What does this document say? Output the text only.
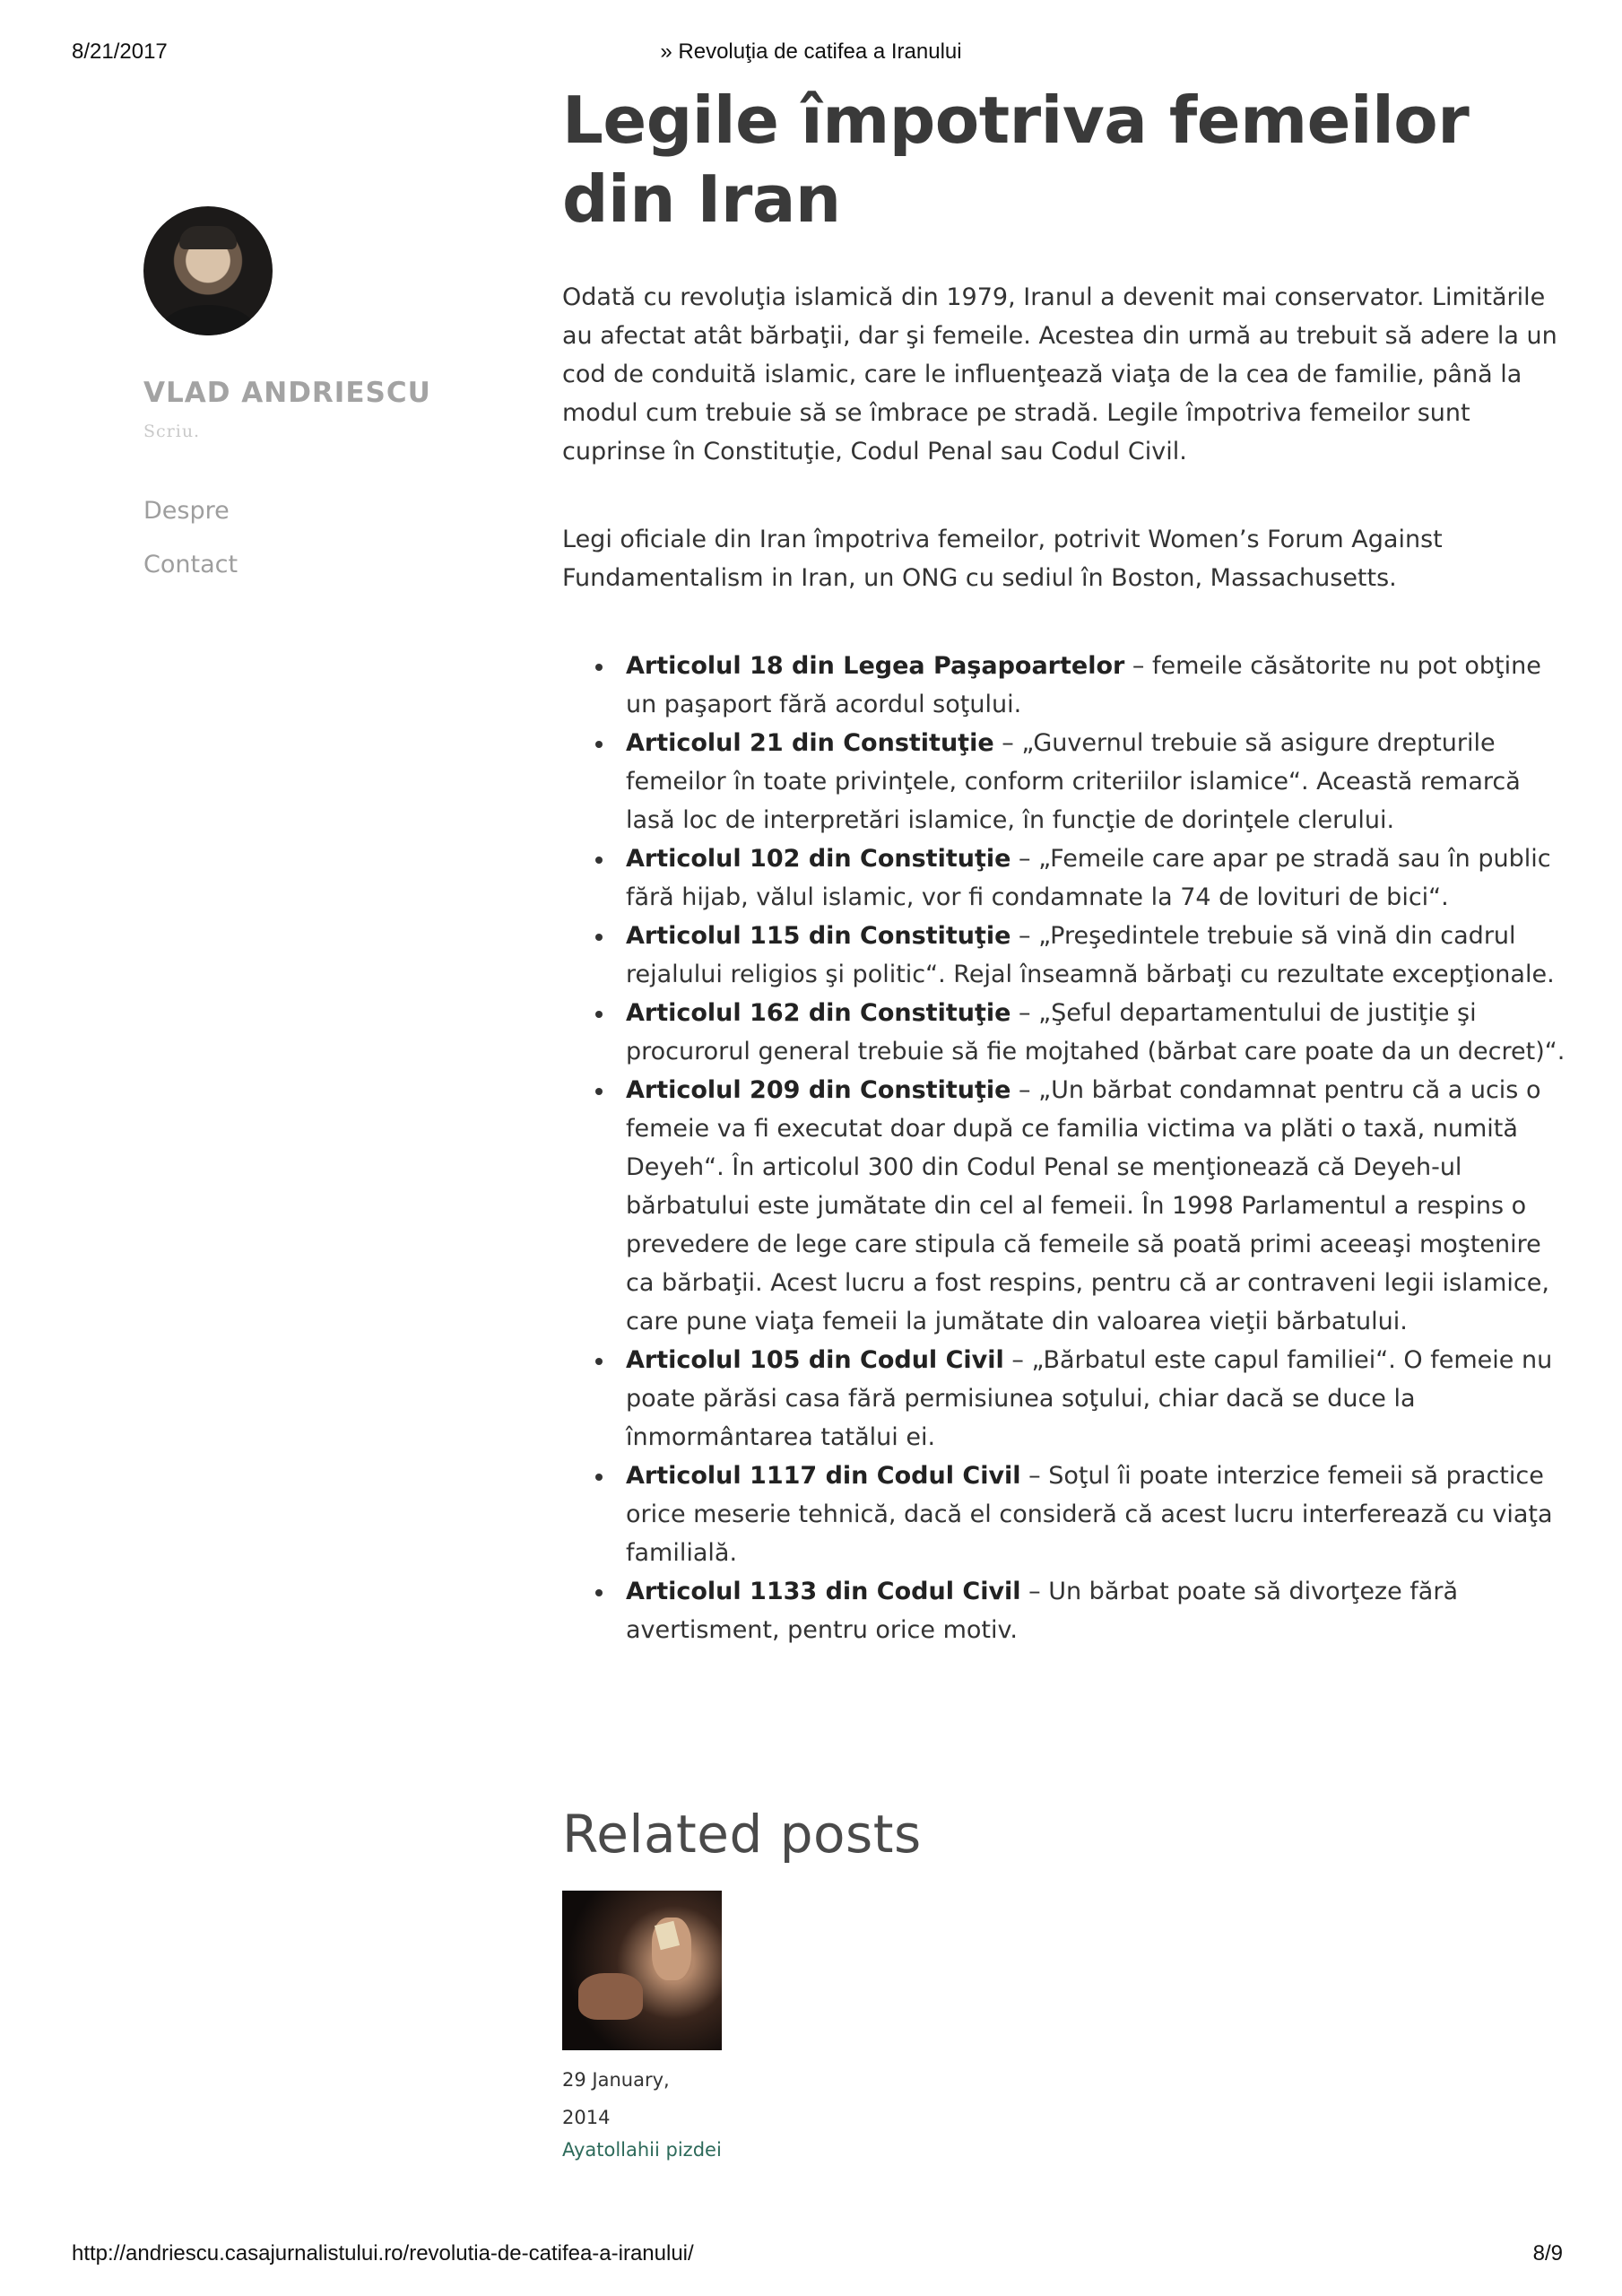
8/21/2017	» Revoluţia de catifea a Iranului
VLAD ANDRIESCU
Scriu.
Despre
Contact
Legile împotriva femeilor din Iran

Odată cu revoluţia islamică din 1979, Iranul a devenit mai conservator. Limitările au afectat atât bărbaţii, dar şi femeile. Acestea din urmă au trebuit să adere la un cod de conduită islamic, care le influenţează viaţa de la cea de familie, până la modul cum trebuie să se îmbrace pe stradă. Legile împotriva femeilor sunt cuprinse în Constituţie, Codul Penal sau Codul Civil.

Legi oficiale din Iran împotriva femeilor, potrivit Women’s Forum Against Fundamentalism in Iran, un ONG cu sediul în Boston, Massachusetts.

Articolul 18 din Legea Paşapoartelor – femeile căsătorite nu pot obţine un paşaport fără acordul soţului.
Articolul 21 din Constituţie – „Guvernul trebuie să asigure drepturile femeilor în toate privinţele, conform criteriilor islamice“. Această remarcă lasă loc de interpretări islamice, în funcţie de dorinţele clerului.
Articolul 102 din Constituţie – „Femeile care apar pe stradă sau în public fără hijab, vălul islamic, vor fi condamnate la 74 de lovituri de bici“.
Articolul 115 din Constituţie – „Preşedintele trebuie să vină din cadrul rejalului religios şi politic“. Rejal înseamnă bărbaţi cu rezultate excepţionale.
Articolul 162 din Constituţie – „Şeful departamentului de justiţie şi procurorul general trebuie să fie mojtahed (bărbat care poate da un decret)“.
Articolul 209 din Constituţie – „Un bărbat condamnat pentru că a ucis o femeie va fi executat doar după ce familia victima va plăti o taxă, numită Deyeh“. În articolul 300 din Codul Penal se menţionează că Deyeh-ul bărbatului este jumătate din cel al femeii. În 1998 Parlamentul a respins o prevedere de lege care stipula că femeile să poată primi aceeaşi moştenire ca bărbaţii. Acest lucru a fost respins, pentru că ar contraveni legii islamice, care pune viaţa femeii la jumătate din valoarea vieţii bărbatului.
Articolul 105 din Codul Civil – „Bărbatul este capul familiei“. O femeie nu poate părăsi casa fără permisiunea soţului, chiar dacă se duce la înmormântarea tatălui ei.
Articolul 1117 din Codul Civil – Soţul îi poate interzice femeii să practice orice meserie tehnică, dacă el consideră că acest lucru interferează cu viaţa familială.
Articolul 1133 din Codul Civil – Un bărbat poate să divorţeze fără avertisment, pentru orice motiv.
Related posts
29 January, 2014
Ayatollahii pizdei
http://andriescu.casajurnalistului.ro/revolutia-de-catifea-a-iranului/	8/9
